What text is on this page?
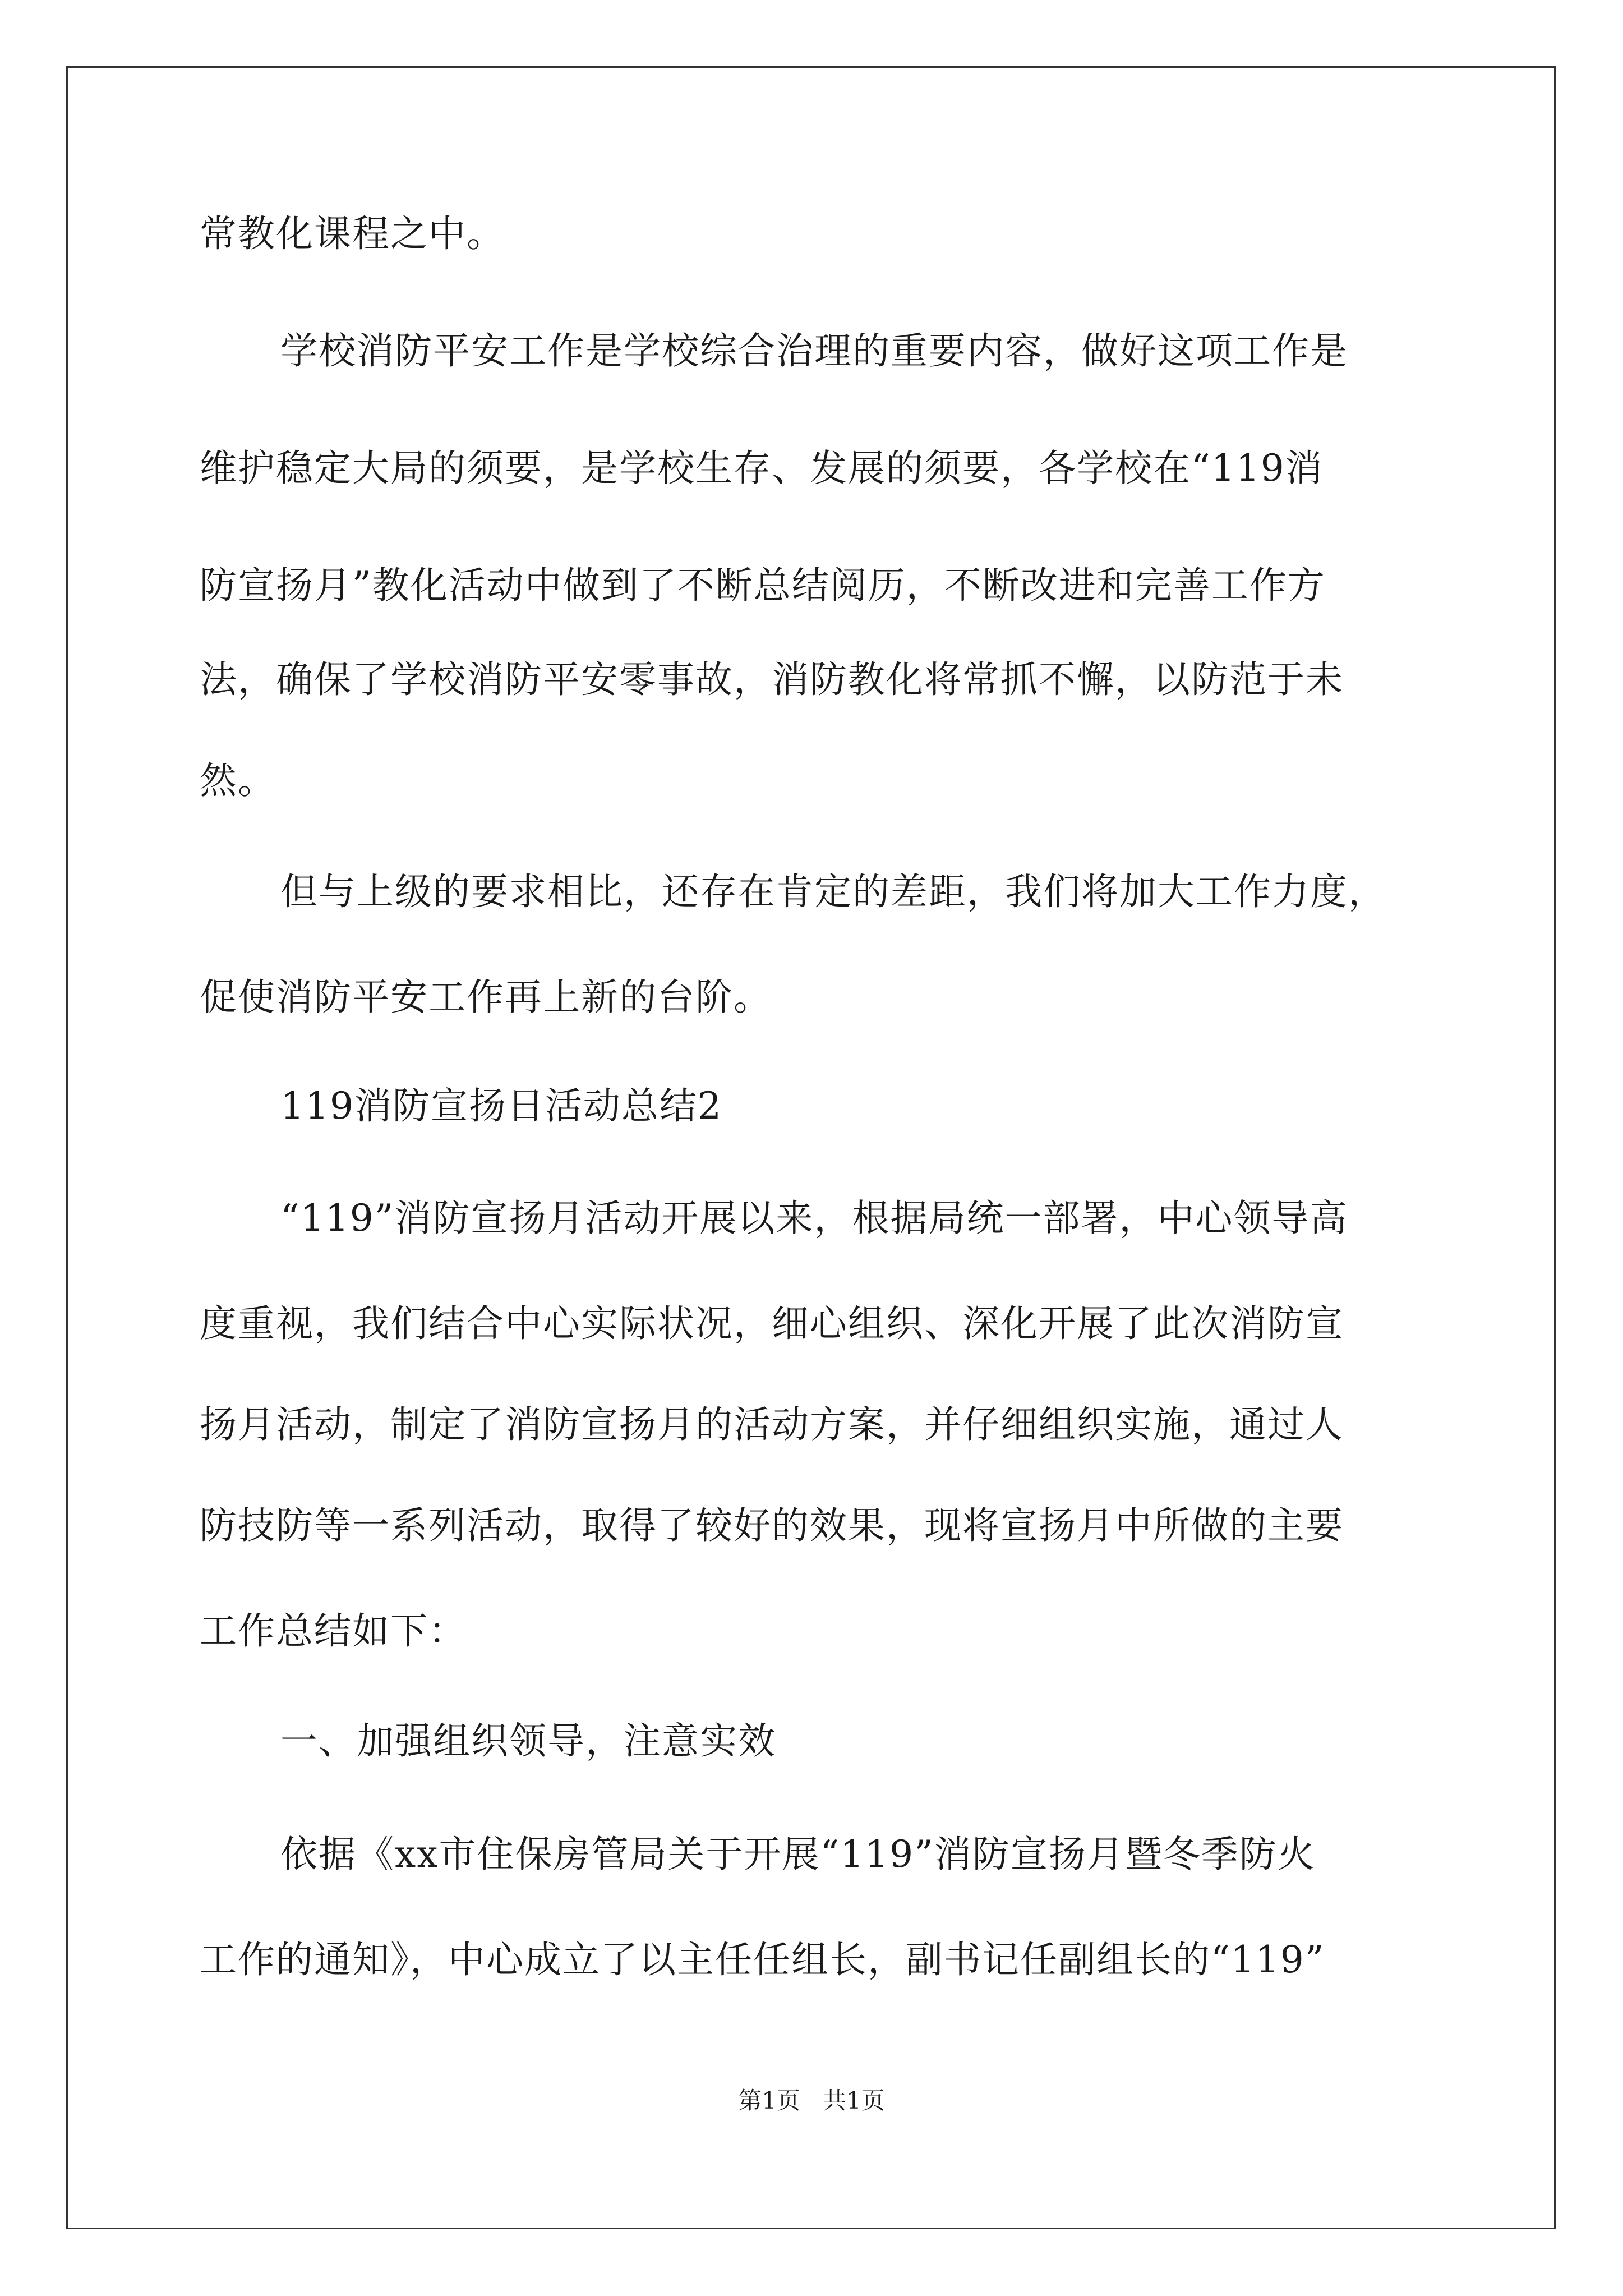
常教化课程之中。
学校消防平安工作是学校综合治理的重要内容，做好这项工作是
维护稳定大局的须要，是学校生存、发展的须要，各学校在“119消
防宣扬月”教化活动中做到了不断总结阅历，不断改进和完善工作方
法，确保了学校消防平安零事故，消防教化将常抓不懈，以防范于未
然。
但与上级的要求相比，还存在肯定的差距，我们将加大工作力度，
促使消防平安工作再上新的台阶。
119消防宣扬日活动总结2
“119”消防宣扬月活动开展以来，根据局统一部署，中心领导高
度重视，我们结合中心实际状况，细心组织、深化开展了此次消防宣
扬月活动，制定了消防宣扬月的活动方案，并仔细组织实施，通过人
防技防等一系列活动，取得了较好的效果，现将宣扬月中所做的主要
工作总结如下：
一、加强组织领导，注意实效
依据《xx市住保房管局关于开展“119”消防宣扬月暨冬季防火
工作的通知》，中心成立了以主任任组长，副书记任副组长的“119”
第1页   共1页
